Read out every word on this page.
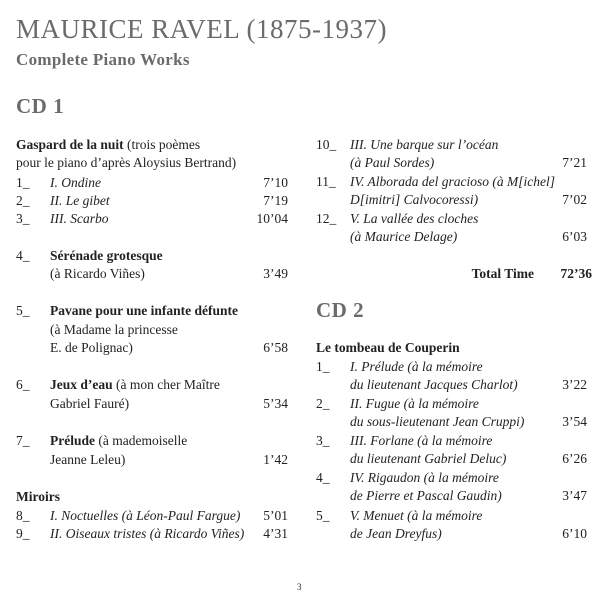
MAURICE RAVEL (1875-1937)
Complete Piano Works
CD 1
Gaspard de la nuit (trois poèmes
pour le piano d’après Aloysius Bertrand)
1_ I. Ondine	7’10
2_ II. Le gibet	7’19
3_ III. Scarbo	10’04
4_ Sérénade grotesque
(à Ricardo Viñes)	3’49
5_ Pavane pour une infante défunte
(à Madame la princesse
E. de Polignac)	6’58
6_ Jeux d’eau (à mon cher Maître
Gabriel Fauré)	5’34
7_ Prélude (à mademoiselle
Jeanne Leleu)	1’42
Miroirs
8_ I. Noctuelles (à Léon-Paul Fargue) 5’01
9_ II. Oiseaux tristes (à Ricardo Viñes) 4’31
10_ III. Une barque sur l’océan
(à Paul Sordes)	7’21
11_ IV. Alborada del gracioso (à M[ichel]
D[imitri] Calvocoressi)	7’02
12_ V. La vallée des cloches
(à Maurice Delage)	6’03
Total Time 72’36
CD 2
Le tombeau de Couperin
1_ I. Prélude (à la mémoire
du lieutenant Jacques Charlot)	3’22
2_ II. Fugue (à la mémoire
du sous-lieutenant Jean Cruppi)	3’54
3_ III. Forlane (à la mémoire
du lieutenant Gabriel Deluc)	6’26
4_ IV. Rigaudon (à la mémoire
de Pierre et Pascal Gaudin)	3’47
5_ V. Menuet (à la mémoire
de Jean Dreyfus)	6’10
3
